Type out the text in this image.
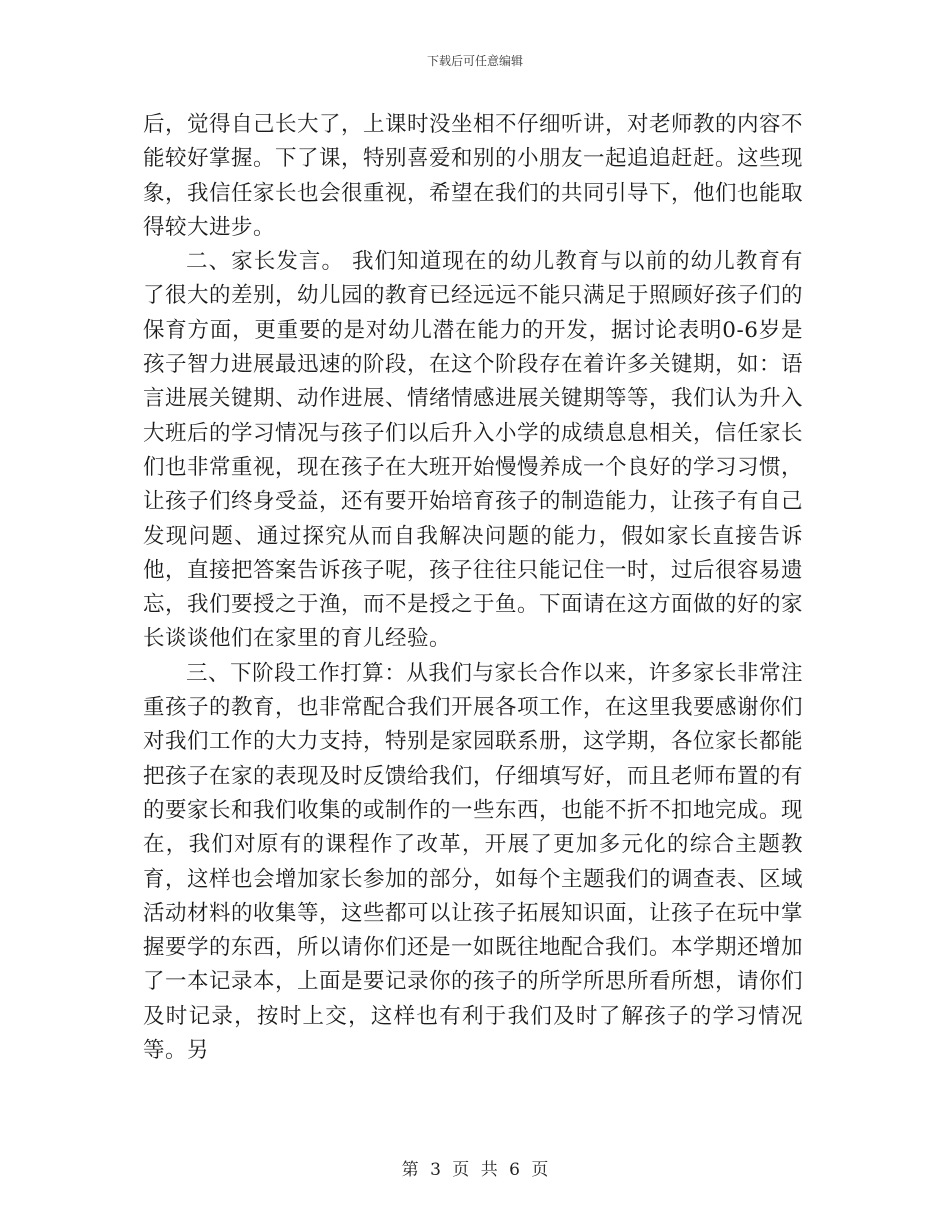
下载后可任意编辑

后，觉得自己长大了，上课时没坐相不仔细听讲，对老师教的内容不能较好掌握。下了课，特别喜爱和别的小朋友一起追追赶赶。这些现象，我信任家长也会很重视，希望在我们的共同引导下，他们也能取得较大进步。

二、家长发言。 我们知道现在的幼儿教育与以前的幼儿教育有了很大的差别，幼儿园的教育已经远远不能只满足于照顾好孩子们的保育方面，更重要的是对幼儿潜在能力的开发，据讨论表明0-6岁是孩子智力进展最迅速的阶段，在这个阶段存在着许多关键期，如：语言进展关键期、动作进展、情绪情感进展关键期等等，我们认为升入大班后的学习情况与孩子们以后升入小学的成绩息息相关，信任家长们也非常重视，现在孩子在大班开始慢慢养成一个良好的学习习惯，让孩子们终身受益，还有要开始培育孩子的制造能力，让孩子有自己发现问题、通过探究从而自我解决问题的能力，假如家长直接告诉他，直接把答案告诉孩子呢，孩子往往只能记住一时，过后很容易遗忘，我们要授之于渔，而不是授之于鱼。下面请在这方面做的好的家长谈谈他们在家里的育儿经验。

三、下阶段工作打算：从我们与家长合作以来，许多家长非常注重孩子的教育，也非常配合我们开展各项工作，在这里我要感谢你们对我们工作的大力支持，特别是家园联系册，这学期，各位家长都能把孩子在家的表现及时反馈给我们，仔细填写好，而且老师布置的有的要家长和我们收集的或制作的一些东西，也能不折不扣地完成。现在，我们对原有的课程作了改革，开展了更加多元化的综合主题教育，这样也会增加家长参加的部分，如每个主题我们的调查表、区域活动材料的收集等，这些都可以让孩子拓展知识面，让孩子在玩中掌握要学的东西，所以请你们还是一如既往地配合我们。本学期还增加了一本记录本，上面是要记录你的孩子的所学所思所看所想，请你们及时记录，按时上交，这样也有利于我们及时了解孩子的学习情况等。另

第 3 页 共 6 页
